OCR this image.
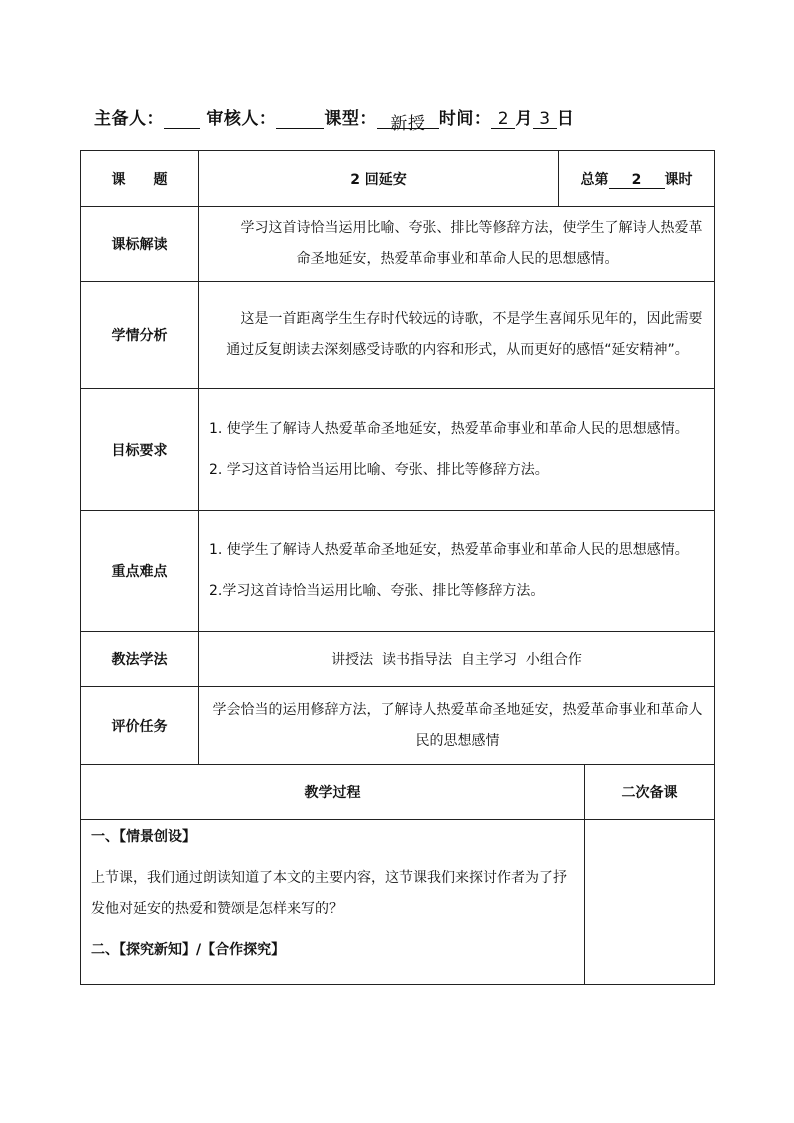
主备人： 审核人：	课型： 新授 时间： 2 月 3 日
课　　题	2 回延安	总第 2 课时	
课标解读	学习这首诗恰当运用比喻、夸张、排比等修辞方法，使学生了解诗人热爱革命圣地延安，热爱革命事业和革命人民的思想感情。		

学情分析	这是一首距离学生生存时代较远的诗歌，不是学生喜闻乐见年的，因此需要通过反复朗读去深刻感受诗歌的内容和形式，从而更好的感悟“延安精神”。		

目标要求	1. 使学生了解诗人热爱革命圣地延安，热爱革命事业和革命人民的思想感情。

2. 学习这首诗恰当运用比喻、夸张、排比等修辞方法。		

重点难点	1. 使学生了解诗人热爱革命圣地延安，热爱革命事业和革命人民的思想感情。

2.学习这首诗恰当运用比喻、夸张、排比等修辞方法。		

教法学法	讲授法  读书指导法  自主学习  小组合作		
评价任务	学会恰当的运用修辞方法，了解诗人热爱革命圣地延安，热爱革命事业和革命人民的思想感情		

教学过程			二次备课

一、【情景创设】

上节课，我们通过朗读知道了本文的主要内容，这节课我们来探讨作者为了抒发他对延安的热爱和赞颂是怎样来写的？

二、【探究新知】/【合作探究】			
